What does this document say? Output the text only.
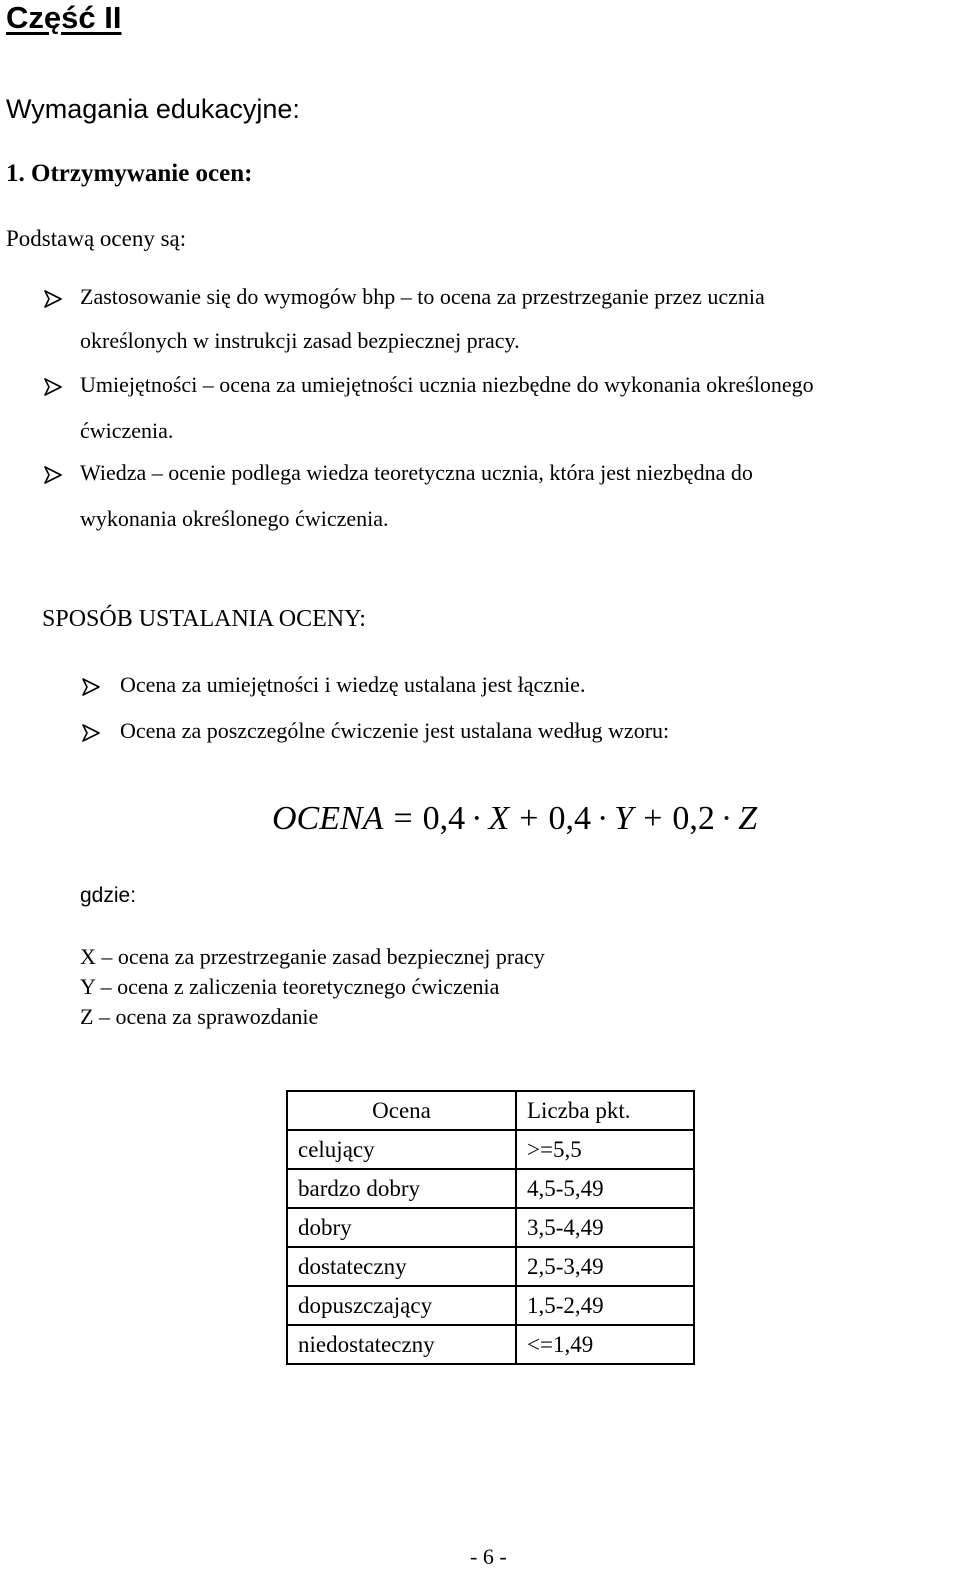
Część II
Wymagania edukacyjne:
1. Otrzymywanie ocen:
Podstawą oceny są:
Zastosowanie się do wymogów bhp – to ocena za przestrzeganie przez ucznia
określonych w instrukcji zasad bezpiecznej pracy.
Umiejętności – ocena za umiejętności ucznia niezbędne do wykonania określonego
ćwiczenia.
Wiedza – ocenie podlega wiedza teoretyczna ucznia, która jest niezbędna do
wykonania określonego ćwiczenia.
SPOSÓB USTALANIA OCENY:
Ocena za umiejętności i wiedzę ustalana jest łącznie.
Ocena za poszczególne ćwiczenie jest ustalana według wzoru:
OCENA = 0,4 · X + 0,4 · Y + 0,2 · Z
gdzie:
X – ocena za przestrzeganie zasad bezpiecznej pracy
Y – ocena z zaliczenia teoretycznego ćwiczenia
Z – ocena za sprawozdanie
Ocena	Liczba pkt.
celujący	>=5,5
bardzo dobry	4,5-5,49
dobry	3,5-4,49
dostateczny	2,5-3,49
dopuszczający	1,5-2,49
niedostateczny	<=1,49
- 6 -
